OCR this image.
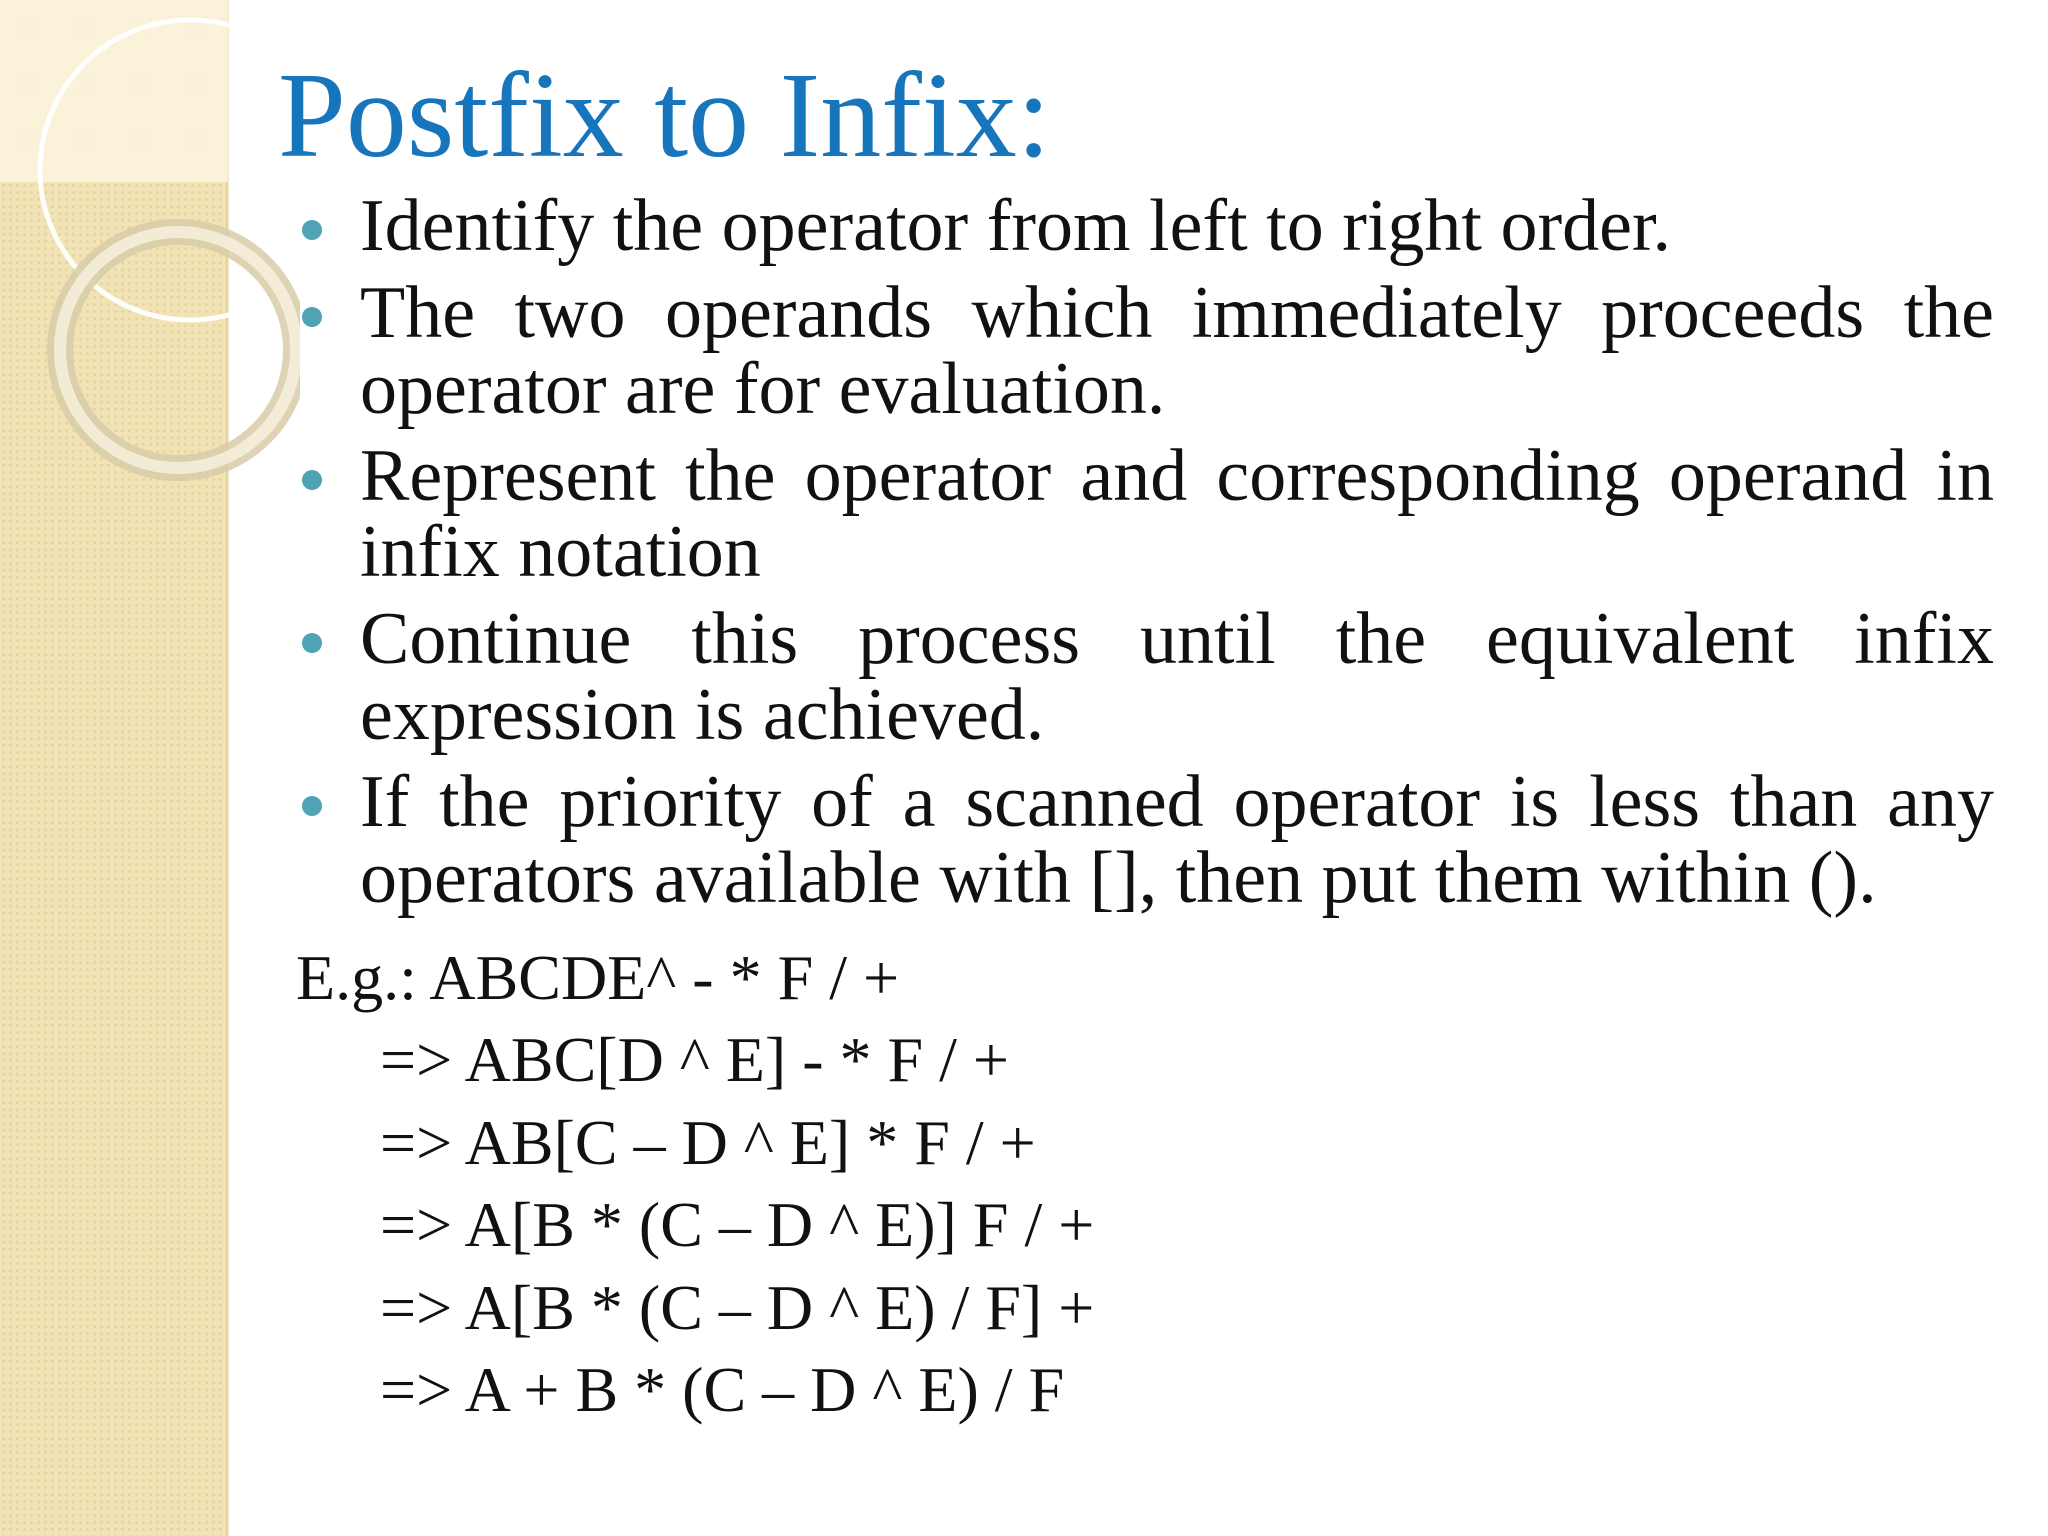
Postfix to Infix:
Identify the operator from left to right order.
The two operands which immediately proceeds the operator are for evaluation.
Represent the operator and corresponding operand in infix notation
Continue this process until the equivalent infix expression is achieved.
If the priority of a scanned operator is less than any operators available with [], then put them within ().
E.g.: ABCDE^ - * F / +
=> ABC[D ^ E] - * F / +
=> AB[C – D ^ E] * F / +
=> A[B * (C – D ^ E)] F / +
=> A[B * (C – D ^ E) / F] +
=> A + B * (C – D ^ E) / F
